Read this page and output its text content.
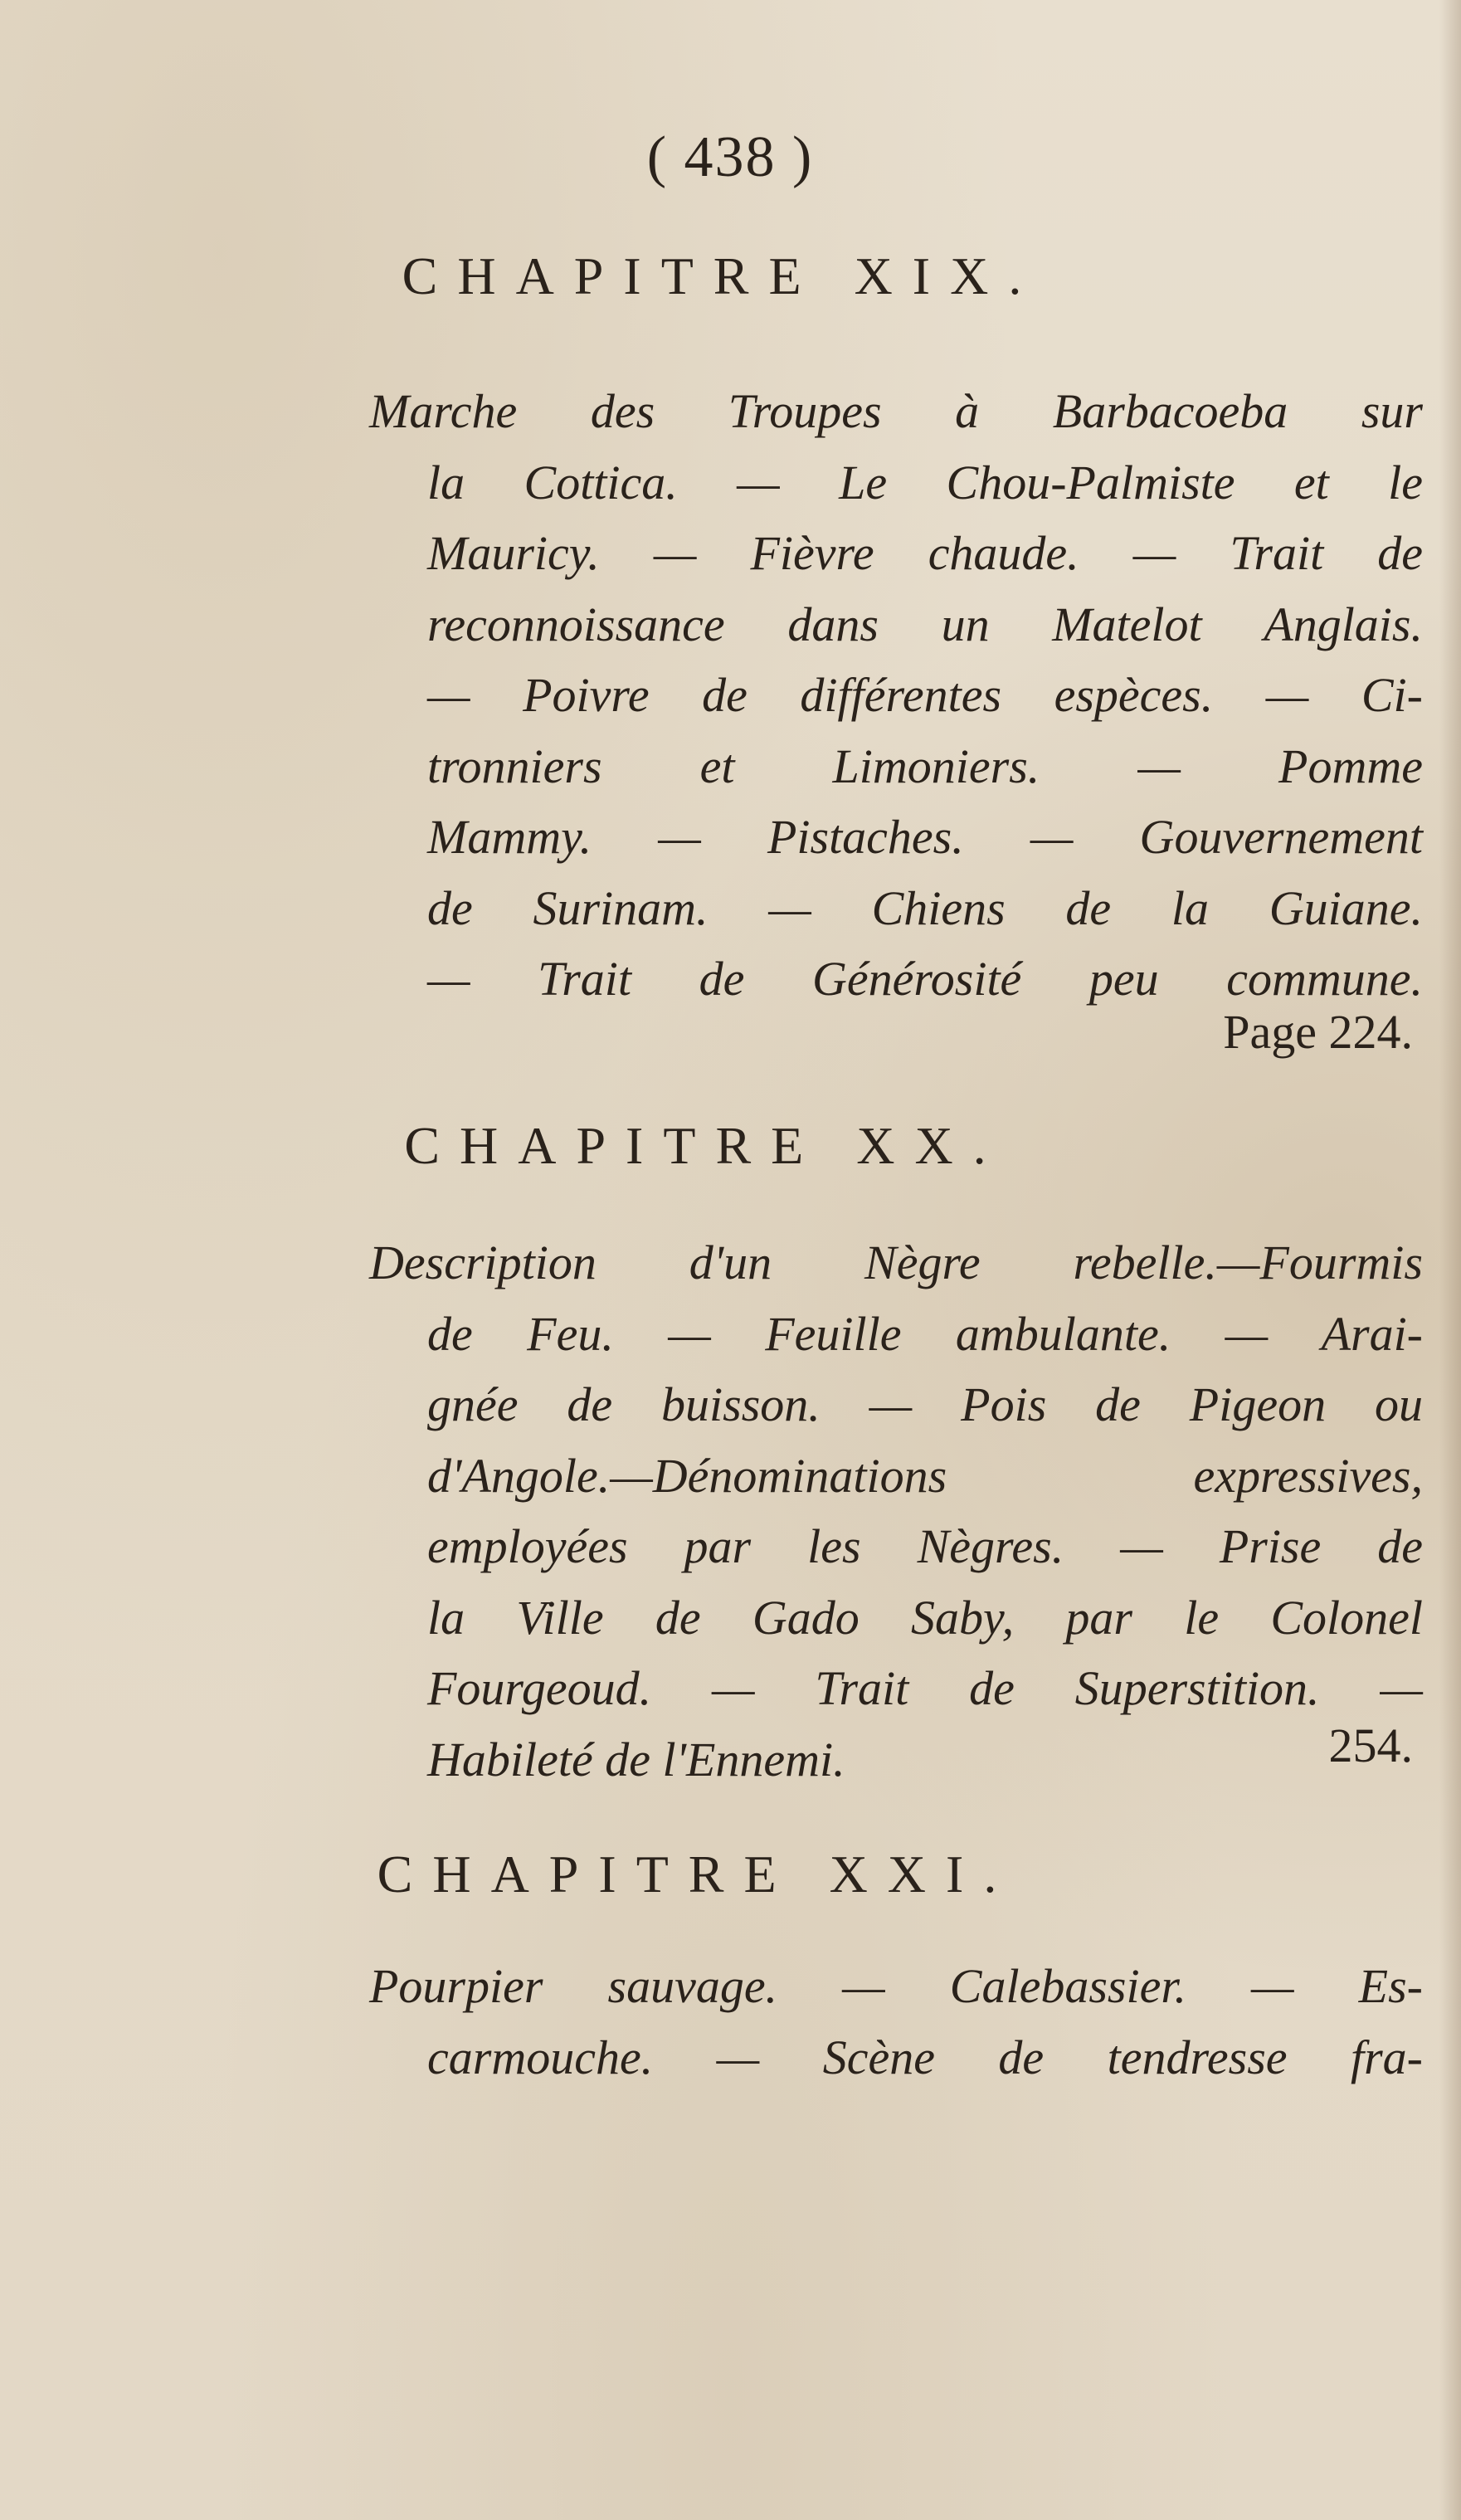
( 438 )
CHAPITRE XIX.
Marche des Troupes à Barbacoeba sur
la Cottica. — Le Chou-Palmiste et le
Mauricy. — Fièvre chaude. — Trait de
reconnoissance dans un Matelot Anglais.
— Poivre de différentes espèces. — Ci-
tronniers et Limoniers. — Pomme
Mammy. — Pistaches. — Gouvernement
de Surinam. — Chiens de la Guiane.
— Trait de Générosité peu commune.
Page 224.
CHAPITRE XX.
Description d'un Nègre rebelle.—Fourmis
de Feu. — Feuille ambulante. — Arai-
gnée de buisson. — Pois de Pigeon ou
d'Angole.—Dénominations expressives,
employées par les Nègres. — Prise de
la Ville de Gado Saby, par le Colonel
Fourgeoud. — Trait de Superstition. —
Habileté de l'Ennemi.	254.
CHAPITRE XXI.
Pourpier sauvage. — Calebassier. — Es-
carmouche. — Scène de tendresse fra-
